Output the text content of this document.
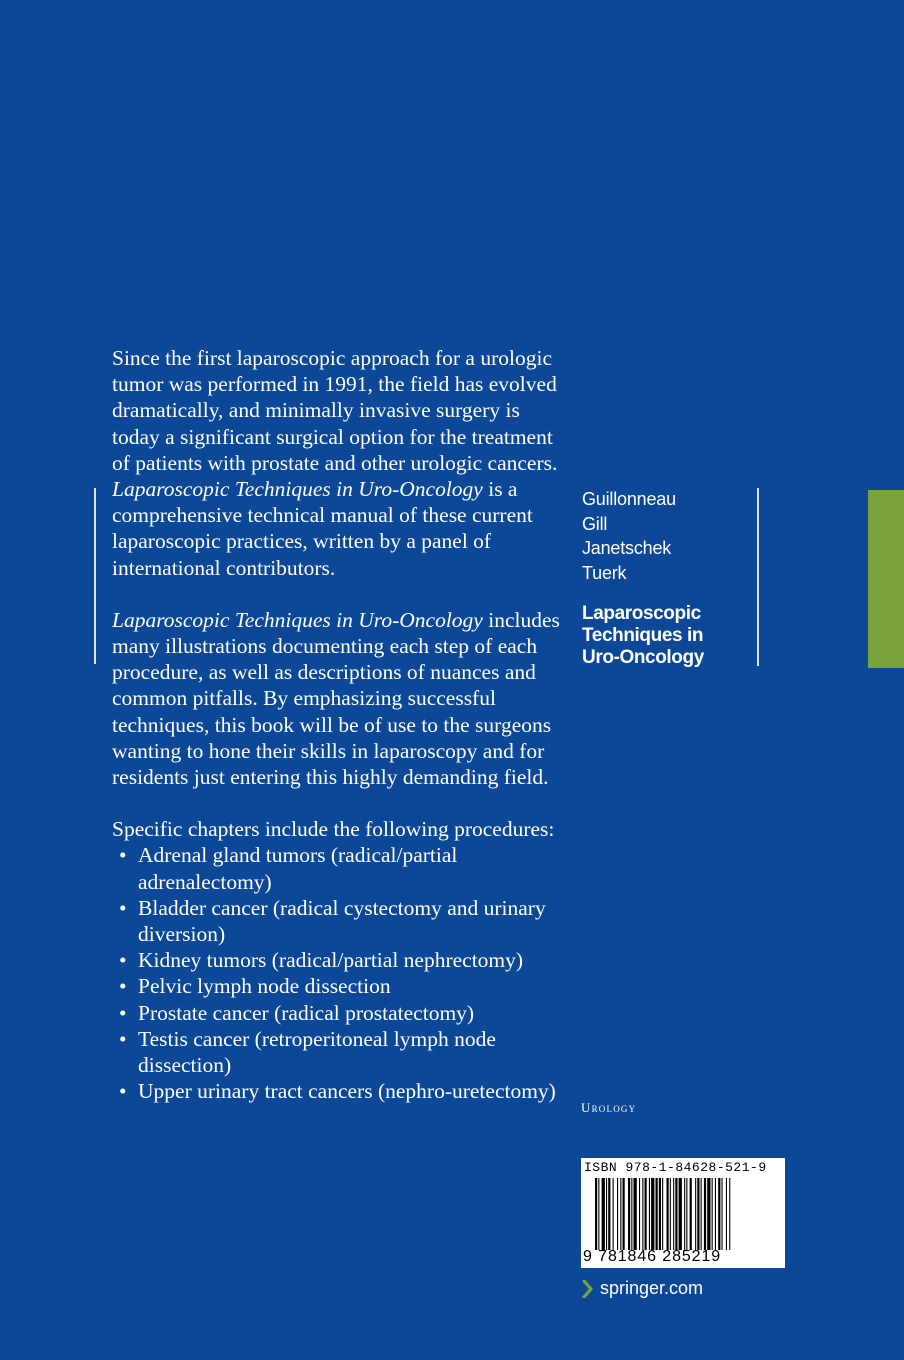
Since the first laparoscopic approach for a urologic tumor was performed in 1991, the field has evolved dramatically, and minimally invasive surgery is today a significant surgical option for the treatment of patients with prostate and other urologic cancers. Laparoscopic Techniques in Uro-Oncology is a comprehensive technical manual of these current laparoscopic practices, written by a panel of international contributors.

Laparoscopic Techniques in Uro-Oncology includes many illustrations documenting each step of each procedure, as well as descriptions of nuances and common pitfalls. By emphasizing successful techniques, this book will be of use to the surgeons wanting to hone their skills in laparoscopy and for residents just entering this highly demanding field.

Specific chapters include the following procedures:
• Adrenal gland tumors (radical/partial adrenalectomy)
• Bladder cancer (radical cystectomy and urinary diversion)
• Kidney tumors (radical/partial nephrectomy)
• Pelvic lymph node dissection
• Prostate cancer (radical prostatectomy)
• Testis cancer (retroperitoneal lymph node dissection)
• Upper urinary tract cancers (nephro-uretectomy)
Guillonneau
Gill
Janetschek
Tuerk
Laparoscopic
Techniques in
Uro-Oncology
Urology
ISBN 978-1-84628-521-9
9 781846 285219
springer.com
